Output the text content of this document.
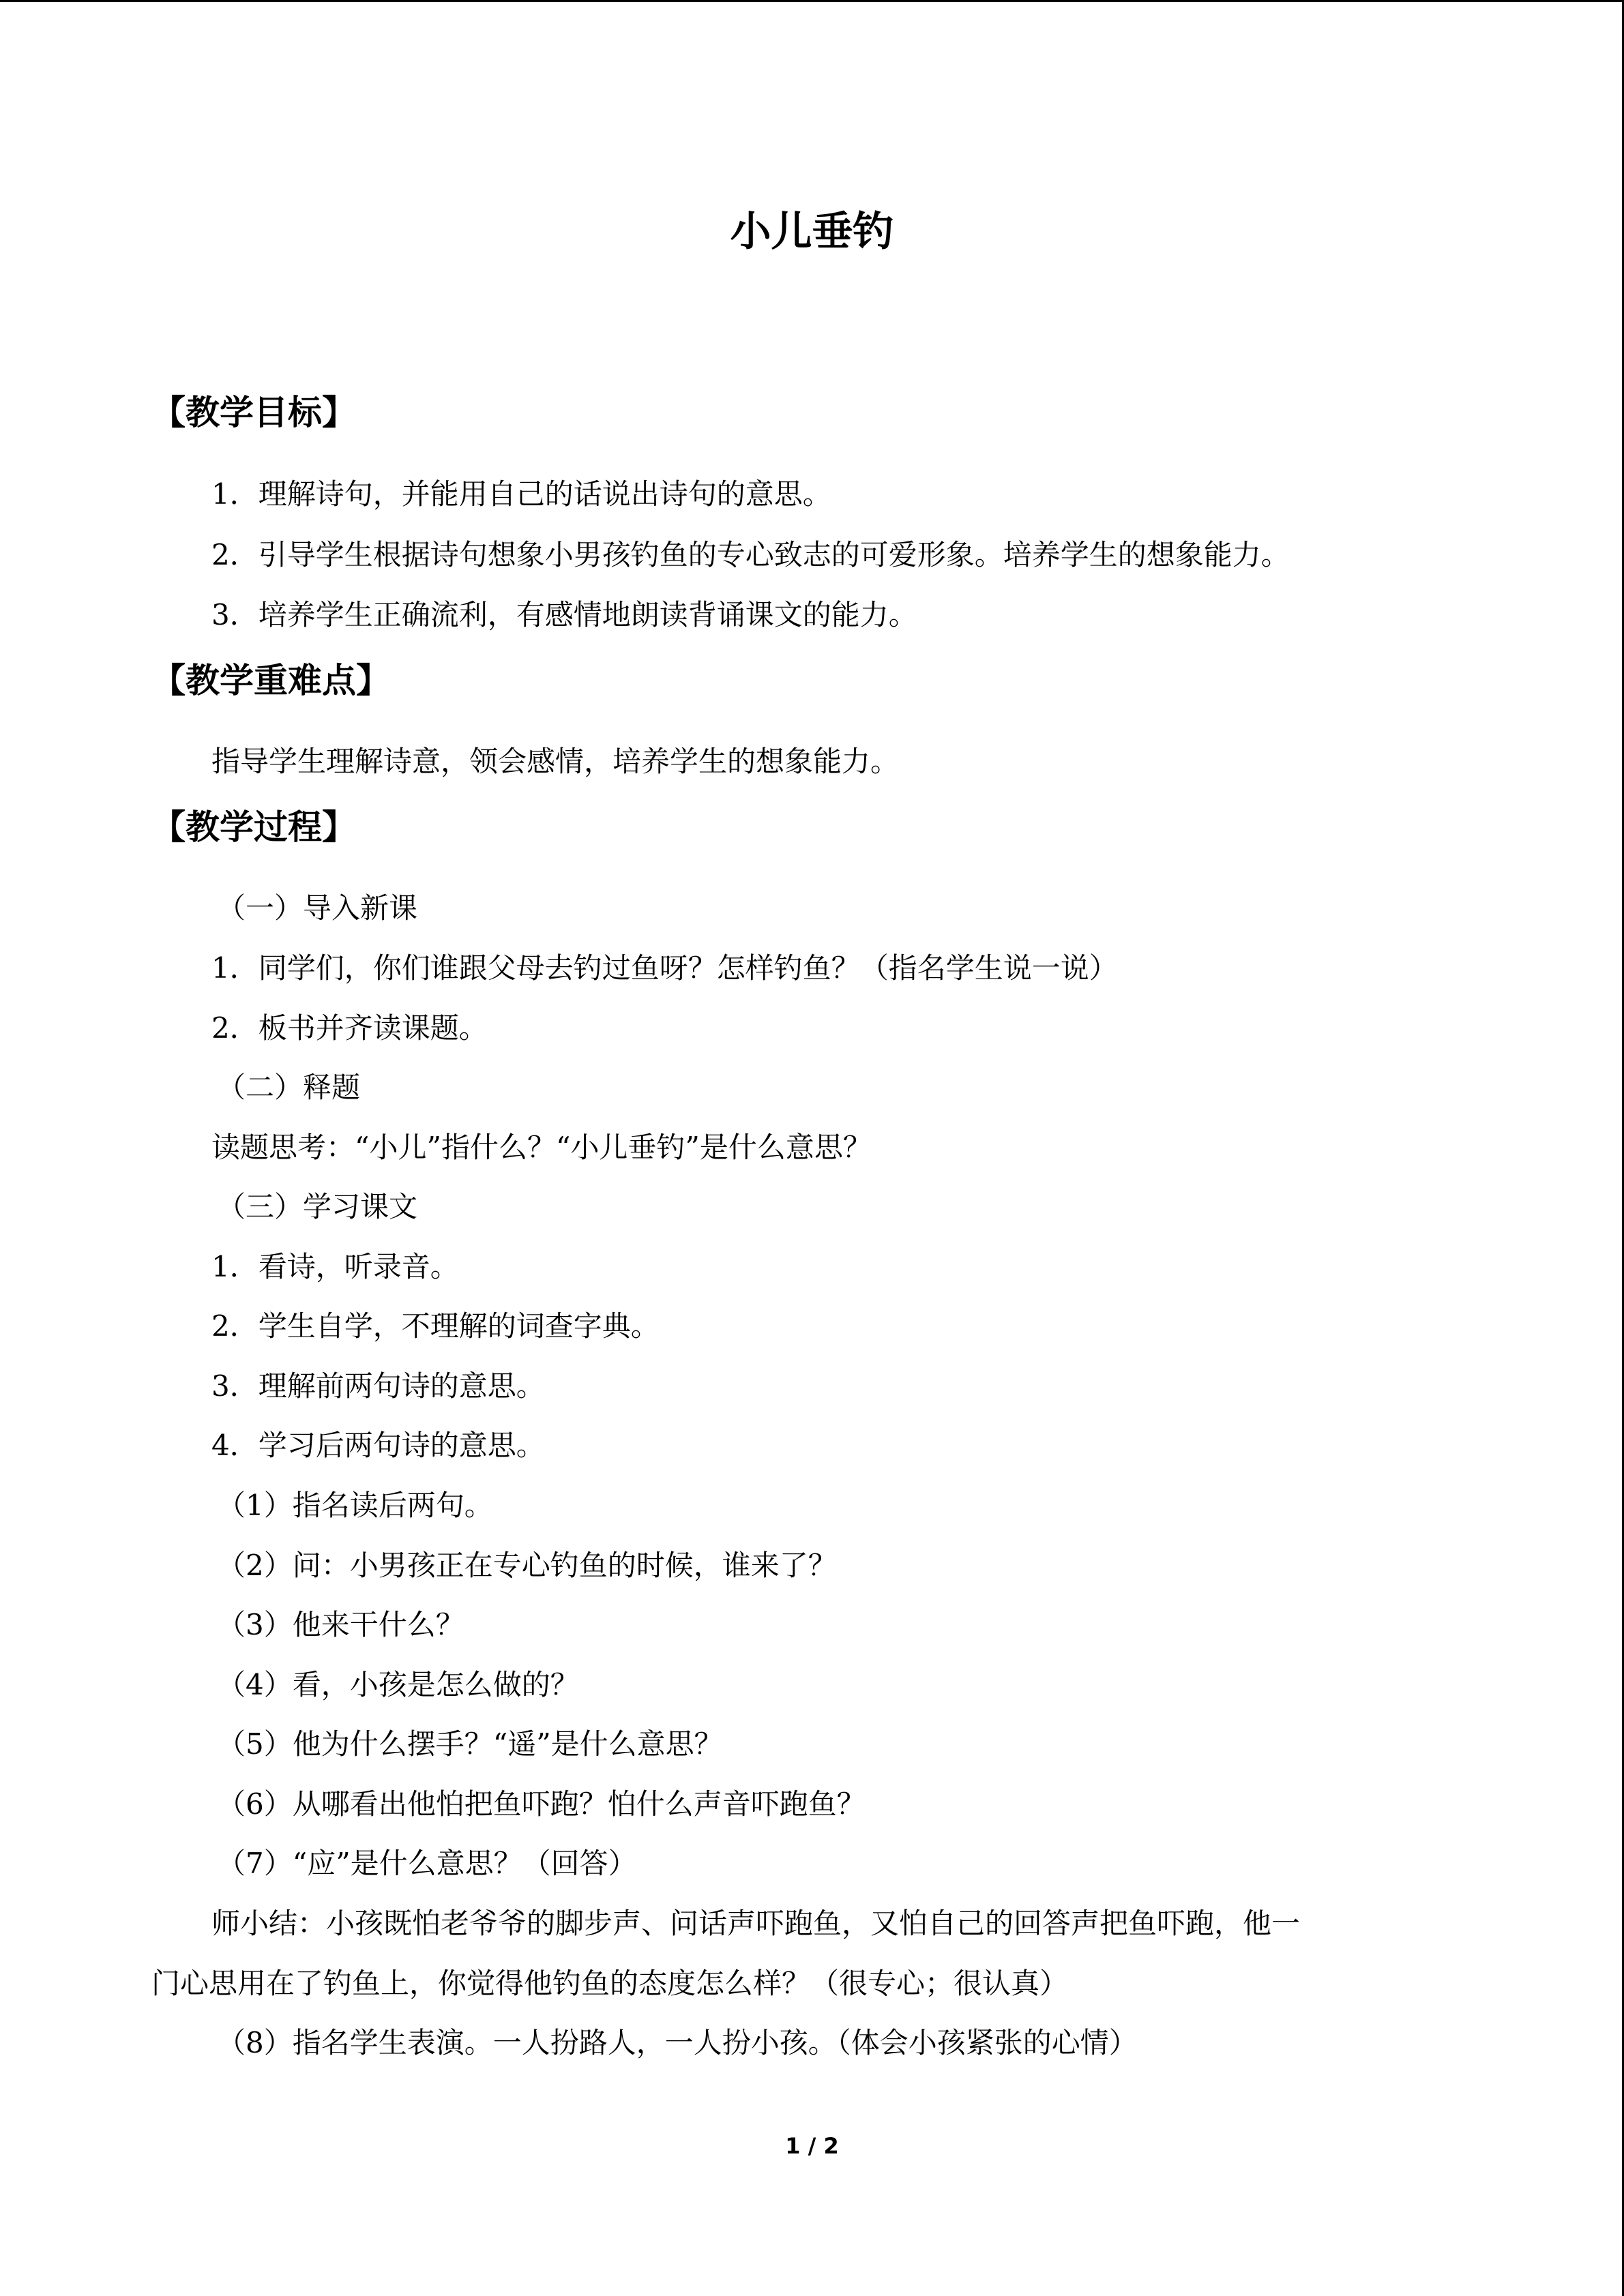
小儿垂钓
【教学目标】
1．理解诗句，并能用自己的话说出诗句的意思。
2．引导学生根据诗句想象小男孩钓鱼的专心致志的可爱形象。培养学生的想象能力。
3．培养学生正确流利，有感情地朗读背诵课文的能力。
【教学重难点】
指导学生理解诗意，领会感情，培养学生的想象能力。
【教学过程】
（一）导入新课
1．同学们，你们谁跟父母去钓过鱼呀？怎样钓鱼？（指名学生说一说）
2．板书并齐读课题。
（二）释题
读题思考：“小儿”指什么？“小儿垂钓”是什么意思？
（三）学习课文
1．看诗，听录音。
2．学生自学，不理解的词查字典。
3．理解前两句诗的意思。
4．学习后两句诗的意思。
（1）指名读后两句。
（2）问：小男孩正在专心钓鱼的时候，谁来了？
（3）他来干什么？
（4）看，小孩是怎么做的？
（5）他为什么摆手？“遥”是什么意思？
（6）从哪看出他怕把鱼吓跑？怕什么声音吓跑鱼？
（7）“应”是什么意思？（回答）
师小结：小孩既怕老爷爷的脚步声、问话声吓跑鱼，又怕自己的回答声把鱼吓跑，他一
门心思用在了钓鱼上，你觉得他钓鱼的态度怎么样？（很专心；很认真）
（8）指名学生表演。一人扮路人，一人扮小孩。（体会小孩紧张的心情）
1 / 2
